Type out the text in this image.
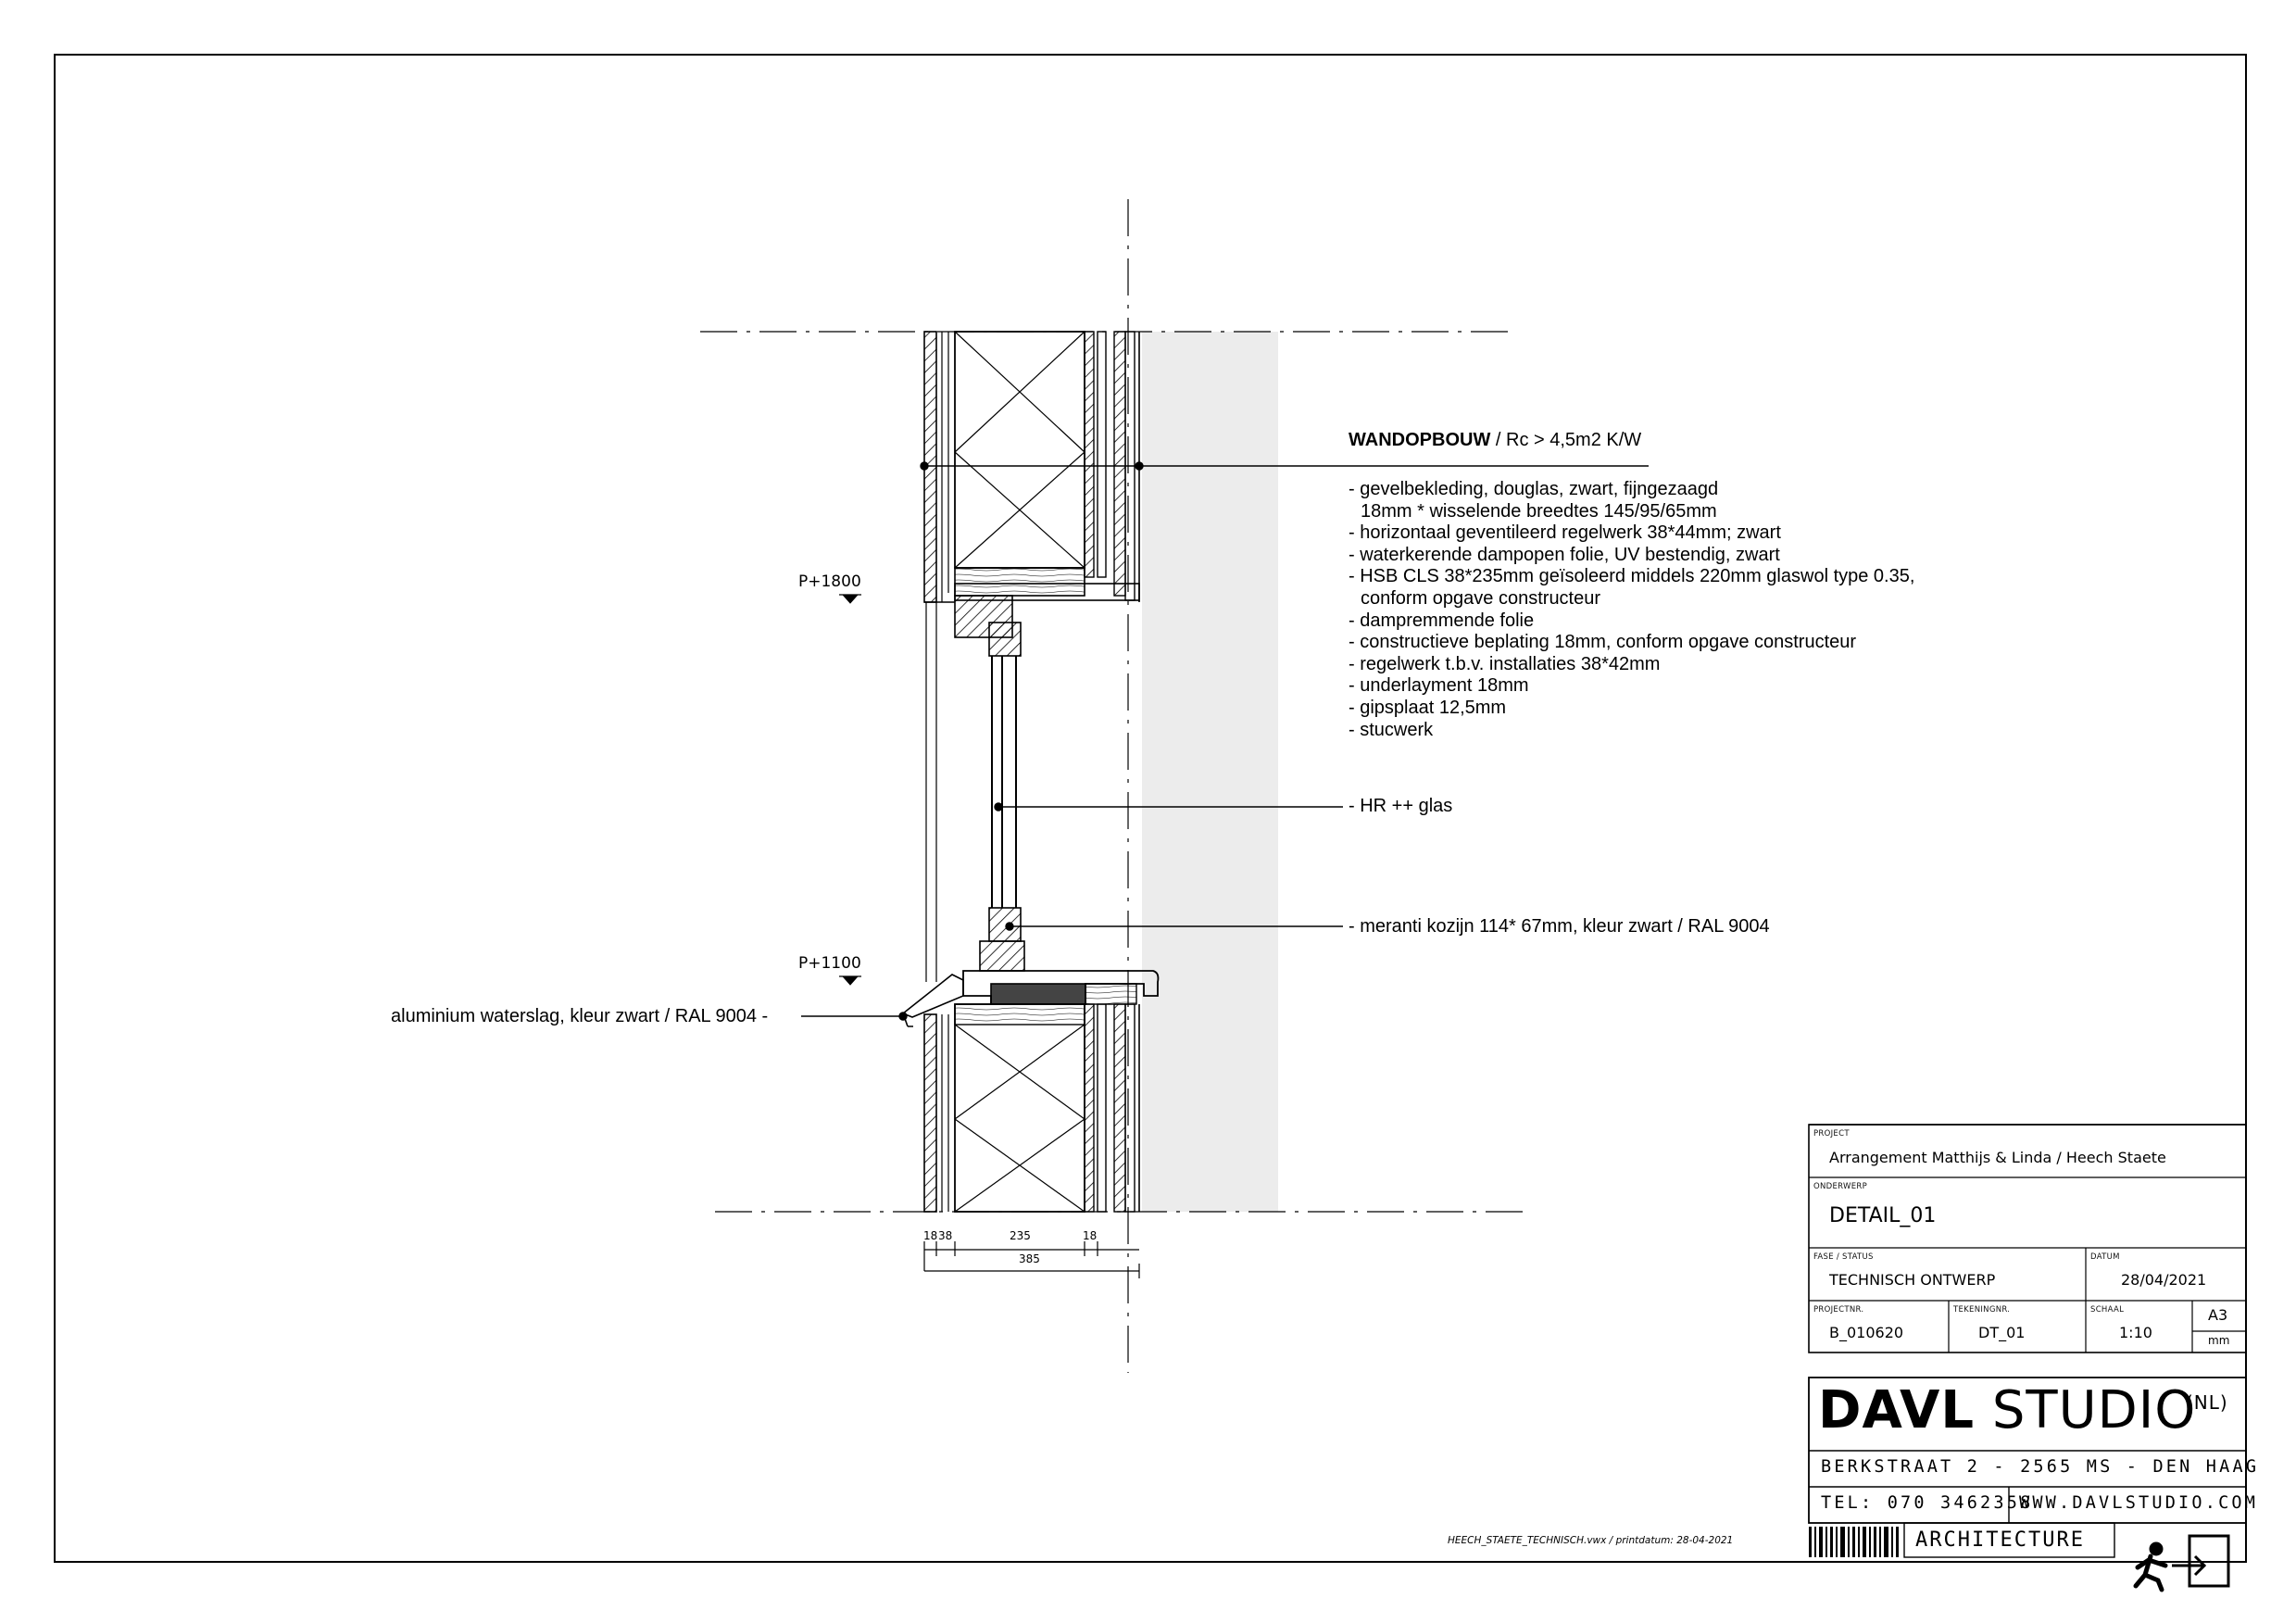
P+1800
P+1100
18 38	235	18
385
WANDOPBOUW / Rc > 4,5m2 K/W
- gevelbekleding, douglas, zwart, fijngezaagd
18mm * wisselende breedtes 145/95/65mm
- horizontaal geventileerd regelwerk 38*44mm; zwart
- waterkerende dampopen folie, UV bestendig, zwart
- HSB CLS 38*235mm geïsoleerd middels 220mm glaswol type 0.35,
conform opgave constructeur
- dampremmende folie
- constructieve beplating 18mm, conform opgave constructeur
- regelwerk t.b.v. installaties 38*42mm
- underlayment 18mm
- gipsplaat 12,5mm
- stucwerk
- HR ++ glas
- meranti kozijn 114* 67mm, kleur zwart / RAL 9004
aluminium waterslag, kleur zwart / RAL 9004 -
PROJECT
Arrangement Matthijs & Linda / Heech Staete
ONDERWERP
DETAIL_01
FASE / STATUS
TECHNISCH ONTWERP
DATUM
28/04/2021
PROJECTNR.
B_010620
TEKENINGNR.
DT_01
SCHAAL
1:10
A3
mm
DAVL STUDIO
(NL)
BERKSTRAAT 2 - 2565 MS - DEN HAAG
TEL: 070 3462358
WWW.DAVLSTUDIO.COM
ARCHITECTURE
HEECH_STAETE_TECHNISCH.vwx / printdatum: 28-04-2021
